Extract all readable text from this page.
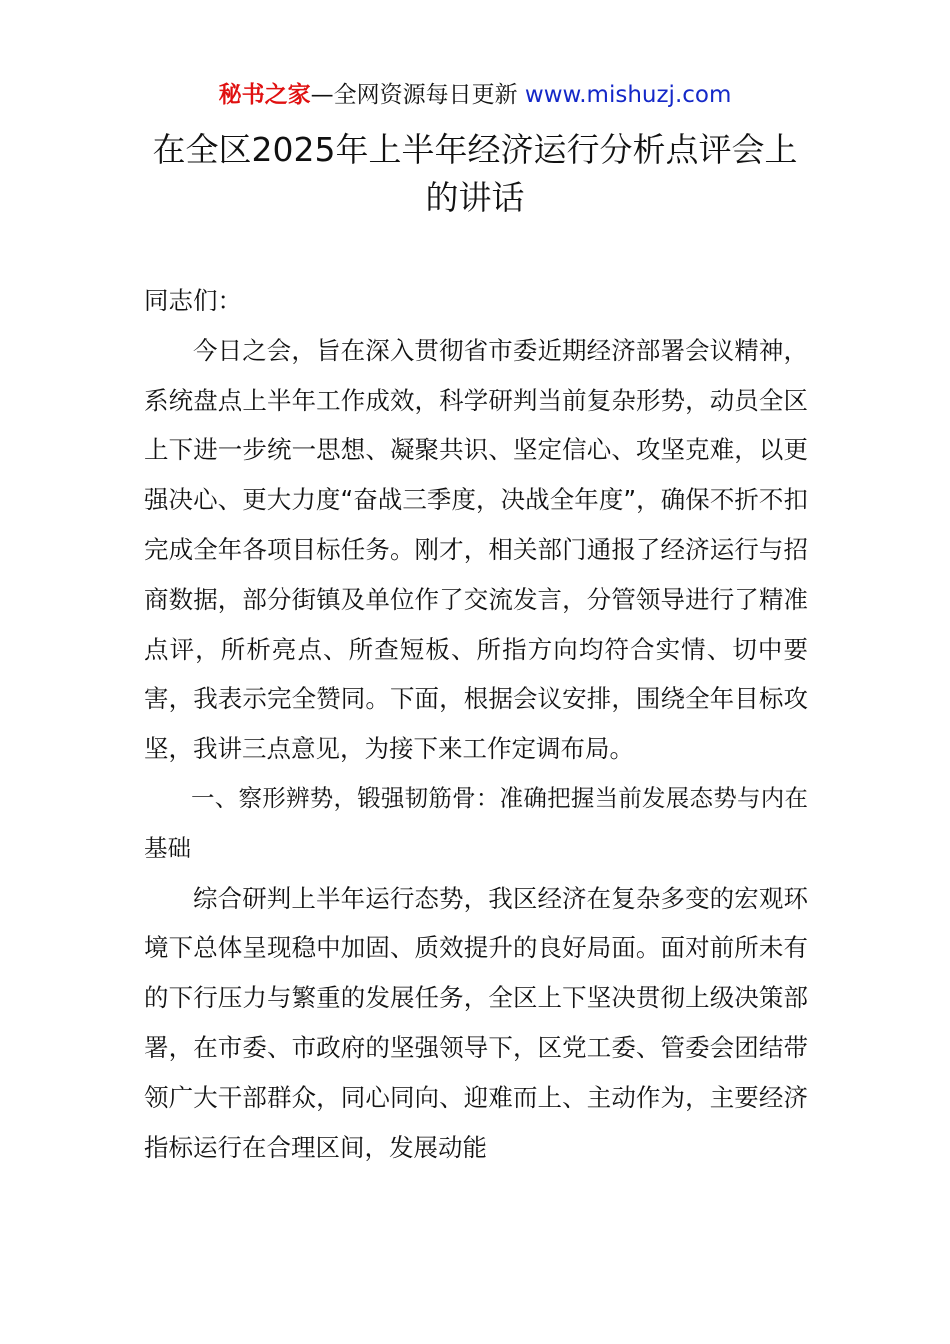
秘书之家—全网资源每日更新 www.mishuzj.com
在全区2025年上半年经济运行分析点评会上的讲话

同志们：

今日之会，旨在深入贯彻省市委近期经济部署会议精神，系统盘点上半年工作成效，科学研判当前复杂形势，动员全区上下进一步统一思想、凝聚共识、坚定信心、攻坚克难，以更强决心、更大力度“奋战三季度，决战全年度”，确保不折不扣完成全年各项目标任务。刚才，相关部门通报了经济运行与招商数据，部分街镇及单位作了交流发言，分管领导进行了精准点评，所析亮点、所查短板、所指方向均符合实情、切中要害，我表示完全赞同。下面，根据会议安排，围绕全年目标攻坚，我讲三点意见，为接下来工作定调布局。

一、察形辨势，锻强韧筋骨：准确把握当前发展态势与内在基础

综合研判上半年运行态势，我区经济在复杂多变的宏观环境下总体呈现稳中加固、质效提升的良好局面。面对前所未有的下行压力与繁重的发展任务，全区上下坚决贯彻上级决策部署，在市委、市政府的坚强领导下，区党工委、管委会团结带领广大干部群众，同心同向、迎难而上、主动作为，主要经济指标运行在合理区间，发展动能
